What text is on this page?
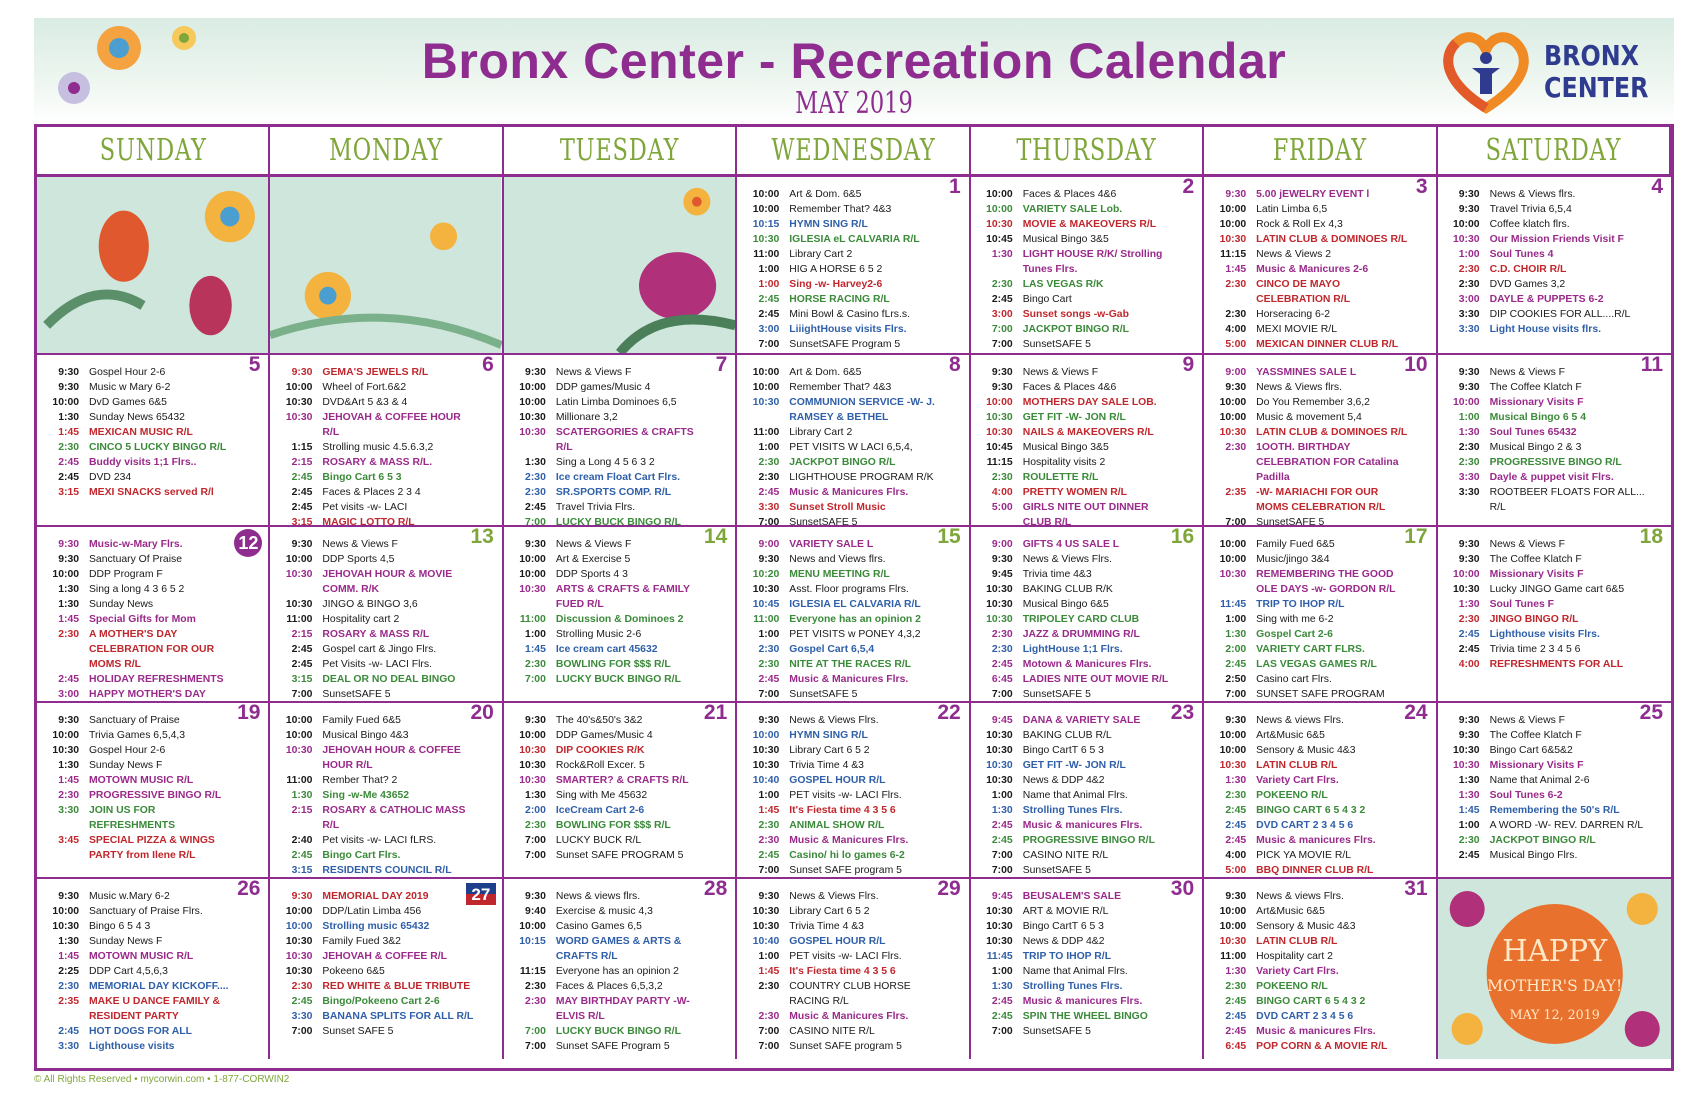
Bronx Center - Recreation Calendar
MAY 2019
BRONX
CENTER
SUNDAY	MONDAY	TUESDAY	WEDNESDAY	THURSDAY	FRIDAY	SATURDAY
1
10:00 Art & Dom. 6&5
10:00 Remember That? 4&3
10:15 HYMN SING R/L
10:30 IGLESIA eL CALVARIA R/L
11:00 Library Cart 2
1:00 HIG A HORSE 6 5 2
1:00 Sing -w- Harvey2-6
2:45 HORSE RACING R/L
2:45 Mini Bowl & Casino fLrs.s.
3:00 LiiightHouse visits Flrs.
7:00 SunsetSAFE Program 5
2
10:00 Faces & Places 4&6
10:00 VARIETY SALE Lob.
10:30 MOVIE & MAKEOVERS R/L
10:45 Musical Bingo 3&5
1:30 LIGHT HOUSE R/K/ Strolling Tunes Flrs.
2:30 LAS VEGAS R/K
2:45 Bingo Cart
3:00 Sunset songs -w-Gab
7:00 JACKPOT BINGO R/L
7:00 SunsetSAFE 5
3
9:30 5.00 jEWELRY EVENT l
10:00 Latin Limba 6,5
10:00 Rock & Roll Ex 4,3
10:30 LATIN CLUB & DOMINOES R/L
11:15 News & Views 2
1:45 Music & Manicures 2-6
2:30 CINCO DE MAYO CELEBRATION R/L
2:30 Horseracing 6-2
4:00 MEXI MOVIE R/L
5:00 MEXICAN DINNER CLUB R/L
4
9:30 News & Views flrs.
9:30 Travel Trivia 6,5,4
10:00 Coffee klatch flrs.
10:30 Our Mission Friends Visit F
1:00 Soul Tunes 4
2:30 C.D. CHOIR R/L
2:30 DVD Games 3,2
3:00 DAYLE & PUPPETS 6-2
3:30 DIP COOKIES FOR ALL....R/L
3:30 Light House visits flrs.
5
9:30 Gospel Hour 2-6
9:30 Music w Mary 6-2
10:00 DvD Games 6&5
1:30 Sunday News 65432
1:45 MEXICAN MUSIC R/L
2:30 CINCO 5 LUCKY BINGO R/L
2:45 Buddy visits 1;1 Flrs..
2:45 DVD 234
3:15 MEXI SNACKS served R/l
6
9:30 GEMA'S JEWELS R/L
10:00 Wheel of Fort.6&2
10:30 DVD&Art 5 &3 & 4
10:30 JEHOVAH & COFFEE HOUR R/L
1:15 Strolling music 4.5.6.3,2
2:15 ROSARY & MASS R/L.
2:45 Bingo Cart 6 5 3
2:45 Faces & Places 2 3 4
2:45 Pet visits -w- LACI
3:15 MAGIC LOTTO R/L
7
9:30 News & Views F
10:00 DDP games/Music 4
10:00 Latin Limba Dominoes 6,5
10:30 Millionare 3,2
10:30 SCATERGORIES & CRAFTS R/L
1:30 Sing a Long 4 5 6 3 2
2:30 Ice cream Float Cart Flrs.
2:30 SR.SPORTS COMP. R/L
2:45 Travel Trivia Flrs.
7:00 LUCKY BUCK BINGO R/L
8
10:00 Art & Dom. 6&5
10:00 Remember That? 4&3
10:30 COMMUNION SERVICE -W- J. RAMSEY & BETHEL
11:00 Library Cart 2
1:00 PET VISITS W LACI 6,5,4,
2:30 JACKPOT BINGO R/L
2:30 LIGHTHOUSE PROGRAM R/K
2:45 Music & Manicures Flrs.
3:30 Sunset Stroll Music
7:00 SunsetSAFE 5
9
9:30 News & Views F
9:30 Faces & Places 4&6
10:00 MOTHERS DAY SALE LOB.
10:30 GET FIT -W- JON R/L
10:30 NAILS & MAKEOVERS R/L
10:45 Musical Bingo 3&5
11:15 Hospitality visits 2
2:30 ROULETTE R/L
4:00 PRETTY WOMEN R/L
5:00 GIRLS NITE OUT DINNER CLUB R/L
10
9:00 YASSMINES SALE L
9:30 News & Views flrs.
10:00 Do You Remember 3,6,2
10:00 Music & movement 5,4
10:30 LATIN CLUB & DOMINOES R/L
2:30 1OOTH. BIRTHDAY CELEBRATION FOR Catalina Padilla
2:35 -W- MARIACHI FOR OUR MOMS CELEBRATION R/L
7:00 SunsetSAFE 5
11
9:30 News & Views F
9:30 The Coffee Klatch F
10:00 Missionary Visits F
1:00 Musical Bingo 6 5 4
1:30 Soul Tunes 65432
2:30 Musical Bingo 2 & 3
2:30 PROGRESSIVE BINGO R/L
3:30 Dayle & puppet visit Flrs.
3:30 ROOTBEER FLOATS FOR ALL... R/L
12
9:30 Music-w-Mary Flrs.
9:30 Sanctuary Of Praise
10:00 DDP Program F
1:30 Sing a long 4 3 6 5 2
1:30 Sunday News
1:45 Special Gifts for Mom
2:30 A MOTHER'S DAY CELEBRATION FOR OUR MOMS R/L
2:45 HOLIDAY REFRESHMENTS
3:00 HAPPY MOTHER'S DAY
13
9:30 News & Views F
10:00 DDP Sports 4,5
10:30 JEHOVAH HOUR & MOVIE COMM. R/K
10:30 JINGO & BINGO 3,6
11:00 Hospitality cart 2
2:15 ROSARY & MASS R/L
2:45 Gospel cart & Jingo Flrs.
2:45 Pet Visits -w- LACI Flrs.
3:15 DEAL OR NO DEAL BINGO
7:00 SunsetSAFE 5
14
9:30 News & Views F
10:00 Art & Exercise 5
10:00 DDP Sports 4 3
10:30 ARTS & CRAFTS & FAMILY FUED R/L
11:00 Discussion & Dominoes 2
1:00 Strolling Music 2-6
1:45 Ice cream cart 45632
2:30 BOWLING FOR $$$ R/L
7:00 LUCKY BUCK BINGO R/L
15
9:00 VARIETY SALE L
9:30 News and Views flrs.
10:20 MENU MEETING R/L
10:30 Asst. Floor programs Flrs.
10:45 IGLESIA EL CALVARIA R/L
11:00 Everyone has an opinion 2
1:00 PET VISITS w PONEY 4,3,2
2:30 Gospel Cart 6,5,4
2:30 NITE AT THE RACES R/L
2:45 Music & Manicures Flrs.
7:00 SunsetSAFE 5
16
9:00 GIFTS 4 US SALE L
9:30 News & Views Flrs.
9:45 Trivia time 4&3
10:30 BAKING CLUB R/K
10:30 Musical Bingo 6&5
10:30 TRIPOLEY CARD CLUB
2:30 JAZZ & DRUMMING R/L
2:30 LightHouse 1;1 Flrs.
2:45 Motown & Manicures Flrs.
6:45 LADIES NITE OUT MOVIE R/L
7:00 SunsetSAFE 5
17
10:00 Family Fued 6&5
10:00 Music/jingo 3&4
10:30 REMEMBERING THE GOOD OLE DAYS -w- GORDON R/L
11:45 TRIP TO IHOP R/L
1:00 Sing with me 6-2
1:30 Gospel Cart 2-6
2:00 VARIETY CART FLRS.
2:45 LAS VEGAS GAMES R/L
2:50 Casino cart Flrs.
7:00 SUNSET SAFE PROGRAM
18
9:30 News & Views F
9:30 The Coffee Klatch F
10:00 Missionary Visits F
10:30 Lucky JINGO Game cart 6&5
1:30 Soul Tunes F
2:30 JINGO BINGO R/L
2:45 Lighthouse visits Flrs.
2:45 Trivia time 2 3 4 5 6
4:00 REFRESHMENTS FOR ALL
19
9:30 Sanctuary of Praise
10:00 Trivia Games 6,5,4,3
10:30 Gospel Hour 2-6
1:30 Sunday News F
1:45 MOTOWN MUSIC R/L
2:30 PROGRESSIVE BINGO R/L
3:30 JOIN US FOR REFRESHMENTS
3:45 SPECIAL PIZZA & WINGS PARTY from Ilene R/L
20
10:00 Family Fued 6&5
10:00 Musical Bingo 4&3
10:30 JEHOVAH HOUR & COFFEE HOUR R/L
11:00 Rember That? 2
1:30 Sing -w-Me 43652
2:15 ROSARY & CATHOLIC MASS R/L
2:40 Pet visits -w- LACI fLRS.
2:45 Bingo Cart Flrs.
3:15 RESIDENTS COUNCIL R/L
21
9:30 The 40's&50's 3&2
10:00 DDP Games/Music 4
10:30 DIP COOKIES R/K
10:30 Rock&Roll Excer. 5
10:30 SMARTER? & CRAFTS R/L
1:30 Sing with Me 45632
2:00 IceCream Cart 2-6
2:30 BOWLING FOR $$$ R/L
7:00 LUCKY BUCK R/L
7:00 Sunset SAFE PROGRAM 5
22
9:30 News & Views Flrs.
10:00 HYMN SING R/L
10:30 Library Cart 6 5 2
10:30 Trivia Time 4 &3
10:40 GOSPEL HOUR R/L
1:00 PET visits -w- LACI Flrs.
1:45 It's Fiesta time 4 3 5 6
2:30 ANIMAL SHOW R/L
2:30 Music & Manicures Flrs.
2:45 Casino/ hi lo games 6-2
7:00 Sunset SAFE program 5
23
9:45 DANA & VARIETY SALE
10:30 BAKING CLUB R/L
10:30 Bingo CartT 6 5 3
10:30 GET FIT -W- JON R/L
10:30 News & DDP 4&2
1:00 Name that Animal Flrs.
1:30 Strolling Tunes Flrs.
2:45 Music & manicures Flrs.
2:45 PROGRESSIVE BINGO R/L
7:00 CASINO NITE R/L
7:00 SunsetSAFE 5
24
9:30 News & views Flrs.
10:00 Art&Music 6&5
10:00 Sensory & Music 4&3
10:30 LATIN CLUB R/L
1:30 Variety Cart Flrs.
2:30 POKEENO R/L
2:45 BINGO CART 6 5 4 3 2
2:45 DVD CART 2 3 4 5 6
2:45 Music & manicures Flrs.
4:00 PICK YA MOVIE R/L
5:00 BBQ DINNER CLUB R/L
25
9:30 News & Views F
9:30 The Coffee Klatch F
10:30 Bingo Cart 6&5&2
10:30 Missionary Visits F
1:30 Name that Animal 2-6
1:30 Soul Tunes 6-2
1:45 Remembering the 50's R/L
1:00 A WORD -W- REV. DARREN R/L
2:30 JACKPOT BINGO R/L
2:45 Musical Bingo Flrs.
26
9:30 Music w.Mary 6-2
10:00 Sanctuary of Praise Flrs.
10:30 Bingo 6 5 4 3
1:30 Sunday News F
1:45 MOTOWN MUSIC R/L
2:25 DDP Cart 4,5,6,3
2:30 MEMORIAL DAY KICKOFF....
2:35 MAKE U DANCE FAMILY & RESIDENT PARTY
2:45 HOT DOGS FOR ALL
3:30 Lighthouse visits
27
9:30 MEMORIAL DAY 2019
10:00 DDP/Latin Limba 456
10:00 Strolling music 65432
10:30 Family Fued 3&2
10:30 JEHOVAH & COFFEE R/L
10:30 Pokeeno 6&5
2:30 RED WHITE & BLUE TRIBUTE
2:45 Bingo/Pokeeno Cart 2-6
3:30 BANANA SPLITS FOR ALL R/L
7:00 Sunset SAFE 5
28
9:30 News & views flrs.
9:40 Exercise & music 4,3
10:00 Casino Games 6,5
10:15 WORD GAMES & ARTS & CRAFTS R/L
11:15 Everyone has an opinion 2
2:30 Faces & Places 6,5,3,2
2:30 MAY BIRTHDAY PARTY -W- ELVIS R/L
7:00 LUCKY BUCK BINGO R/L
7:00 Sunset SAFE Program 5
29
9:30 News & Views Flrs.
10:30 Library Cart 6 5 2
10:30 Trivia Time 4 &3
10:40 GOSPEL HOUR R/L
1:00 PET visits -w- LACI Flrs.
1:45 It's Fiesta time 4 3 5 6
2:30 COUNTRY CLUB HORSE RACING R/L
2:30 Music & Manicures Flrs.
7:00 CASINO NITE R/L
7:00 Sunset SAFE program 5
30
9:45 BEUSALEM'S SALE
10:30 ART & MOVIE R/L
10:30 Bingo CartT 6 5 3
10:30 News & DDP 4&2
11:45 TRIP TO IHOP R/L
1:00 Name that Animal Flrs.
1:30 Strolling Tunes Flrs.
2:45 Music & manicures Flrs.
2:45 SPIN THE WHEEL BINGO
7:00 SunsetSAFE 5
31
9:30 News & views Flrs.
10:00 Art&Music 6&5
10:00 Sensory & Music 4&3
10:30 LATIN CLUB R/L
11:00 Hospitality cart 2
1:30 Variety Cart Flrs.
2:30 POKEENO R/L
2:45 BINGO CART 6 5 4 3 2
2:45 DVD CART 2 3 4 5 6
2:45 Music & manicures Flrs.
6:45 POP CORN & A MOVIE R/L
HAPPY
MOTHER'S DAY!
MAY 12, 2019
© All Rights Reserved • mycorwin.com • 1-877-CORWIN2
